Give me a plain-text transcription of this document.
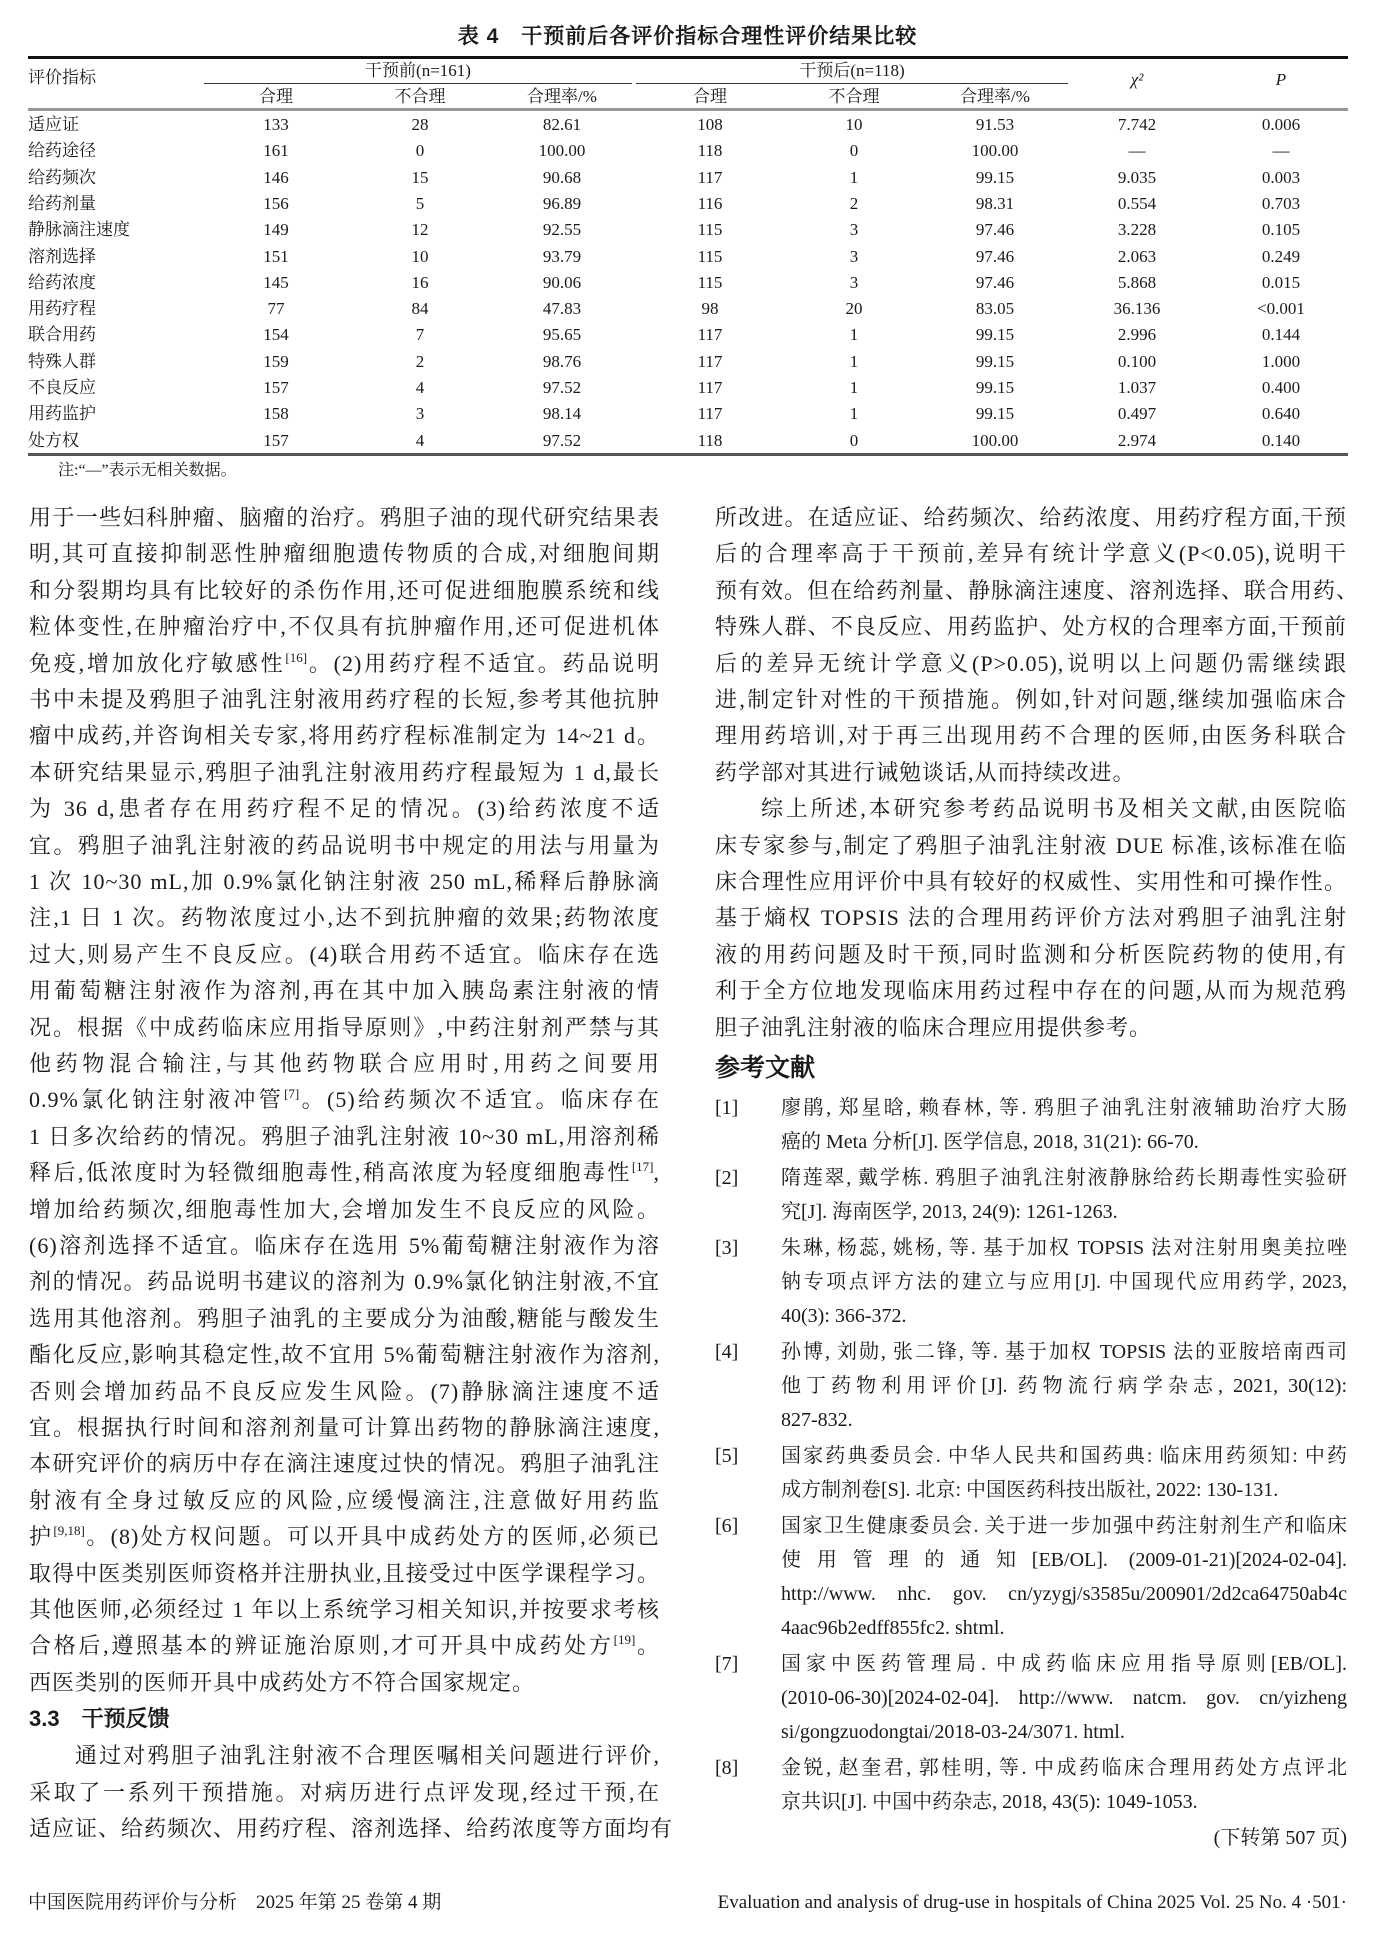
表 4　干预前后各评价指标合理性评价结果比较
评价指标	干预前(n=161)	干预后(n=118)
合理	不合理	合理率/%	合理	不合理	合理率/%
χ²	P
适应证	133	28	82.61	108	10	91.53	7.742	0.006
给药途径	161	0	100.00	118	0	100.00	—	—
给药频次	146	15	90.68	117	1	99.15	9.035	0.003
给药剂量	156	5	96.89	116	2	98.31	0.554	0.703
静脉滴注速度	149	12	92.55	115	3	97.46	3.228	0.105
溶剂选择	151	10	93.79	115	3	97.46	2.063	0.249
给药浓度	145	16	90.06	115	3	97.46	5.868	0.015
用药疗程	77	84	47.83	98	20	83.05	36.136	<0.001
联合用药	154	7	95.65	117	1	99.15	2.996	0.144
特殊人群	159	2	98.76	117	1	99.15	0.100	1.000
不良反应	157	4	97.52	117	1	99.15	1.037	0.400
用药监护	158	3	98.14	117	1	99.15	0.497	0.640
处方权	157	4	97.52	118	0	100.00	2.974	0.140
注:“—”表示无相关数据。
用于一些妇科肿瘤、脑瘤的治疗。鸦胆子油的现代研究结果表
明,其可直接抑制恶性肿瘤细胞遗传物质的合成,对细胞间期
和分裂期均具有比较好的杀伤作用,还可促进细胞膜系统和线
粒体变性,在肿瘤治疗中,不仅具有抗肿瘤作用,还可促进机体
免疫,增加放化疗敏感性[16]。(2)用药疗程不适宜。药品说明
书中未提及鸦胆子油乳注射液用药疗程的长短,参考其他抗肿
瘤中成药,并咨询相关专家,将用药疗程标准制定为 14~21 d。
本研究结果显示,鸦胆子油乳注射液用药疗程最短为 1 d,最长
为 36 d,患者存在用药疗程不足的情况。(3)给药浓度不适
宜。鸦胆子油乳注射液的药品说明书中规定的用法与用量为
1 次 10~30 mL,加 0.9%氯化钠注射液 250 mL,稀释后静脉滴
注,1 日 1 次。药物浓度过小,达不到抗肿瘤的效果;药物浓度
过大,则易产生不良反应。(4)联合用药不适宜。临床存在选
用葡萄糖注射液作为溶剂,再在其中加入胰岛素注射液的情
况。根据《中成药临床应用指导原则》,中药注射剂严禁与其
他药物混合输注,与其他药物联合应用时,用药之间要用
0.9%氯化钠注射液冲管[7]。(5)给药频次不适宜。临床存在
1 日多次给药的情况。鸦胆子油乳注射液 10~30 mL,用溶剂稀
释后,低浓度时为轻微细胞毒性,稍高浓度为轻度细胞毒性[17],
增加给药频次,细胞毒性加大,会增加发生不良反应的风险。
(6)溶剂选择不适宜。临床存在选用 5%葡萄糖注射液作为溶
剂的情况。药品说明书建议的溶剂为 0.9%氯化钠注射液,不宜
选用其他溶剂。鸦胆子油乳的主要成分为油酸,糖能与酸发生
酯化反应,影响其稳定性,故不宜用 5%葡萄糖注射液作为溶剂,
否则会增加药品不良反应发生风险。(7)静脉滴注速度不适
宜。根据执行时间和溶剂剂量可计算出药物的静脉滴注速度,
本研究评价的病历中存在滴注速度过快的情况。鸦胆子油乳注
射液有全身过敏反应的风险,应缓慢滴注,注意做好用药监
护[9,18]。(8)处方权问题。可以开具中成药处方的医师,必须已
取得中医类别医师资格并注册执业,且接受过中医学课程学习。
其他医师,必须经过 1 年以上系统学习相关知识,并按要求考核
合格后,遵照基本的辨证施治原则,才可开具中成药处方[19]。
西医类别的医师开具中成药处方不符合国家规定。
3.3　干预反馈
通过对鸦胆子油乳注射液不合理医嘱相关问题进行评价,
采取了一系列干预措施。对病历进行点评发现,经过干预,在
适应证、给药频次、用药疗程、溶剂选择、给药浓度等方面均有
所改进。在适应证、给药频次、给药浓度、用药疗程方面,干预
后的合理率高于干预前,差异有统计学意义(P<0.05),说明干
预有效。但在给药剂量、静脉滴注速度、溶剂选择、联合用药、
特殊人群、不良反应、用药监护、处方权的合理率方面,干预前
后的差异无统计学意义(P>0.05),说明以上问题仍需继续跟
进,制定针对性的干预措施。例如,针对问题,继续加强临床合
理用药培训,对于再三出现用药不合理的医师,由医务科联合
药学部对其进行诫勉谈话,从而持续改进。
综上所述,本研究参考药品说明书及相关文献,由医院临
床专家参与,制定了鸦胆子油乳注射液 DUE 标准,该标准在临
床合理性应用评价中具有较好的权威性、实用性和可操作性。
基于熵权 TOPSIS 法的合理用药评价方法对鸦胆子油乳注射
液的用药问题及时干预,同时监测和分析医院药物的使用,有
利于全方位地发现临床用药过程中存在的问题,从而为规范鸦
胆子油乳注射液的临床合理应用提供参考。
参考文献
[1] 廖鹃, 郑星晗, 赖春林, 等. 鸦胆子油乳注射液辅助治疗大肠
癌的 Meta 分析[J]. 医学信息, 2018, 31(21): 66-70.
[2] 隋莲翠, 戴学栋. 鸦胆子油乳注射液静脉给药长期毒性实验研
究[J]. 海南医学, 2013, 24(9): 1261-1263.
[3] 朱琳, 杨蕊, 姚杨, 等. 基于加权 TOPSIS 法对注射用奥美拉唑
钠专项点评方法的建立与应用[J]. 中国现代应用药学, 2023,
40(3): 366-372.
[4] 孙博, 刘勋, 张二锋, 等. 基于加权 TOPSIS 法的亚胺培南西司
他丁药物利用评价[J]. 药物流行病学杂志, 2021, 30(12):
827-832.
[5] 国家药典委员会. 中华人民共和国药典: 临床用药须知: 中药
成方制剂卷[S]. 北京: 中国医药科技出版社, 2022: 130-131.
[6] 国家卫生健康委员会. 关于进一步加强中药注射剂生产和临床
使用管理的通知[EB/OL]. (2009-01-21)[2024-02-04].
http://www. nhc. gov. cn/yzygj/s3585u/200901/2d2ca64750ab4c
4aac96b2edff855fc2. shtml.
[7] 国家中医药管理局. 中成药临床应用指导原则[EB/OL].
(2010-06-30)[2024-02-04]. http://www. natcm. gov. cn/yizheng
si/gongzuodongtai/2018-03-24/3071. html.
[8] 金锐, 赵奎君, 郭桂明, 等. 中成药临床合理用药处方点评北
京共识[J]. 中国中药杂志, 2018, 43(5): 1049-1053.
(下转第 507 页)
中国医院用药评价与分析　2025 年第 25 卷第 4 期	Evaluation and analysis of drug-use in hospitals of China 2025 Vol. 25 No. 4 ·501·
